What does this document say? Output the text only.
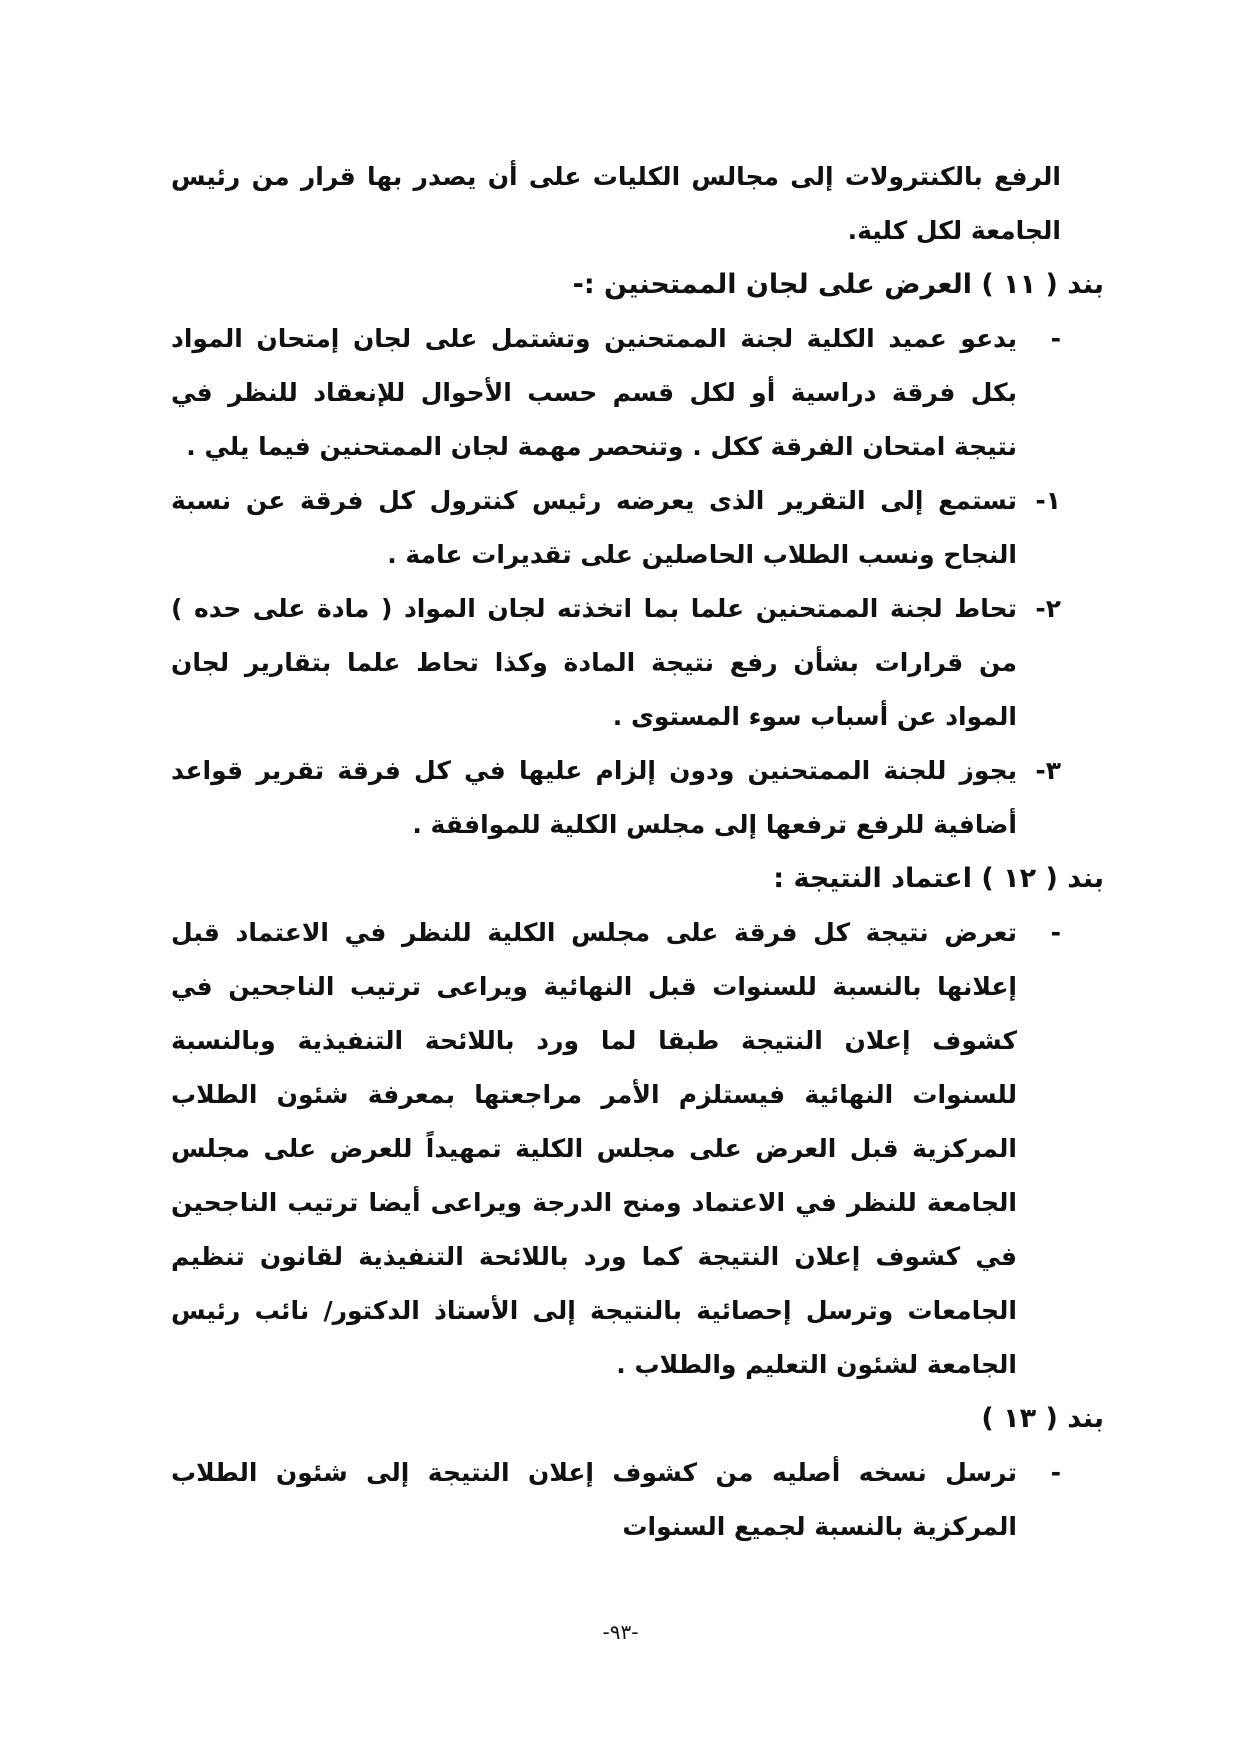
الرفع بالكنترولات إلى مجالس الكليات على أن يصدر بها قرار من رئيس الجامعة لكل كلية.

بند ( ١١ ) العرض على لجان الممتحنين :-
-
يدعو عميد الكلية لجنة الممتحنين وتشتمل على لجان إمتحان المواد بكل فرقة دراسية أو لكل قسم حسب الأحوال للإنعقاد للنظر في نتيجة امتحان الفرقة ككل . وتنحصر مهمة لجان الممتحنين فيما يلي .
١-
تستمع إلى التقرير الذى يعرضه رئيس كنترول كل فرقة عن نسبة النجاح ونسب الطلاب الحاصلين على تقديرات عامة .
٢-
تحاط لجنة الممتحنين علما بما اتخذته لجان المواد ( مادة على حده ) من قرارات بشأن رفع نتيجة المادة وكذا تحاط علما بتقارير لجان المواد عن أسباب سوء المستوى .
٣-
يجوز للجنة الممتحنين ودون إلزام عليها في كل فرقة تقرير قواعد أضافية للرفع ترفعها إلى مجلس الكلية للموافقة .
بند ( ١٢ ) اعتماد النتيجة :
-
تعرض نتيجة كل فرقة على مجلس الكلية للنظر في الاعتماد قبل إعلانها بالنسبة للسنوات قبل النهائية ويراعى ترتيب الناجحين في كشوف إعلان النتيجة طبقا لما ورد باللائحة التنفيذية وبالنسبة للسنوات النهائية فيستلزم الأمر مراجعتها بمعرفة شئون الطلاب المركزية قبل العرض على مجلس الكلية تمهيداً للعرض على مجلس الجامعة للنظر في الاعتماد ومنح الدرجة ويراعى أيضا ترتيب الناجحين في كشوف إعلان النتيجة كما ورد باللائحة التنفيذية لقانون تنظيم الجامعات وترسل إحصائية بالنتيجة إلى الأستاذ الدكتور/ نائب رئيس الجامعة لشئون التعليم والطلاب .
بند ( ١٣ )
-
ترسل نسخه أصليه من كشوف إعلان النتيجة إلى شئون الطلاب المركزية بالنسبة لجميع السنوات
-٩٣-
